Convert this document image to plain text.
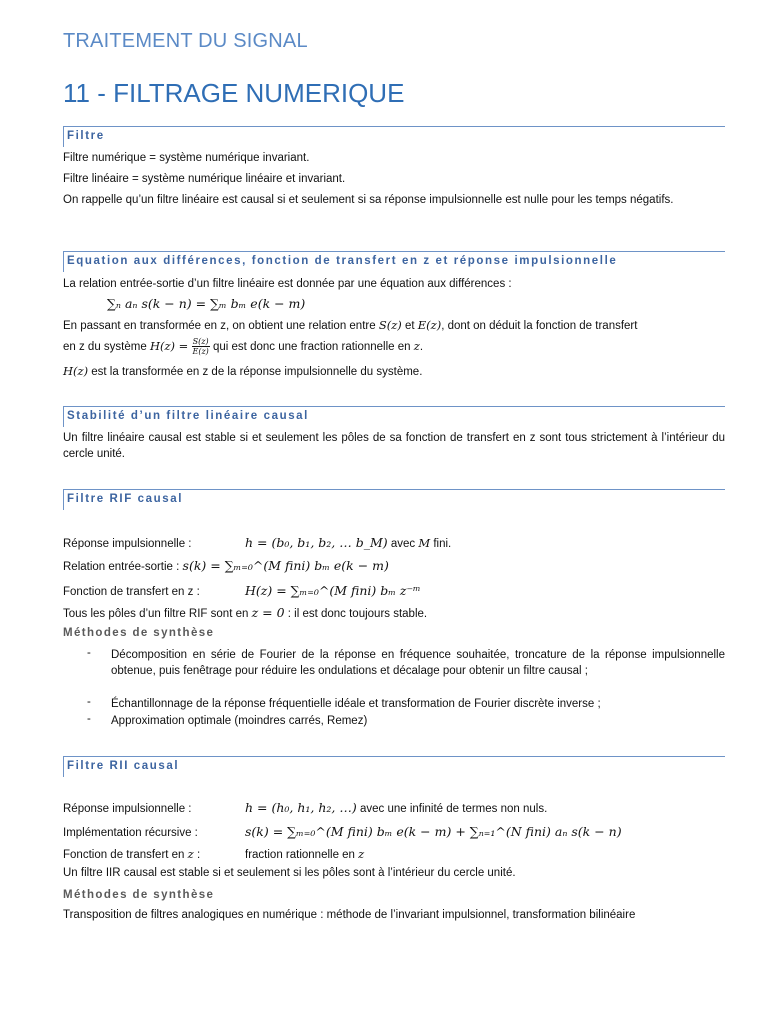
TRAITEMENT DU SIGNAL
11 - FILTRAGE NUMERIQUE
Filtre

Filtre numérique = système numérique invariant.

Filtre linéaire = système numérique linéaire et invariant.

On rappelle qu’un filtre linéaire est causal si et seulement si sa réponse impulsionnelle est nulle pour les temps négatifs.

Equation aux différences, fonction de transfert en z et réponse impulsionnelle

La relation entrée-sortie d’un filtre linéaire est donnée par une équation aux différences :

∑ₙ aₙ s(k − n) = ∑ₘ bₘ e(k − m)

En passant en transformée en z, on obtient une relation entre S(z) et E(z), dont on déduit la fonction de transfert

en z du système $H(z) = \frac{S(z)}{E(z)}$ qui est donc une fraction rationnelle en z.

H(z) est la transformée en z de la réponse impulsionnelle du système.

Stabilité d’un filtre linéaire causal

Un filtre linéaire causal est stable si et seulement les pôles de sa fonction de transfert en z sont tous strictement à l’intérieur du cercle unité.

Filtre RIF causal
Réponse impulsionnelle :	h = (b₀, b₁, b₂, … b_M) avec M fini.
Relation entrée-sortie : s(k) = ∑ₘ₌₀^(M fini) bₘ e(k − m)
Fonction de transfert en z :	H(z) = ∑ₘ₌₀^(M fini) bₘ z⁻ᵐ
Tous les pôles d’un filtre RIF sont en z = 0 : il est donc toujours stable.
Méthodes de synthèse
- Décomposition en série de Fourier de la réponse en fréquence souhaitée, troncature de la réponse impulsionnelle obtenue, puis fenêtrage pour réduire les ondulations et décalage pour obtenir un filtre causal ;
- Échantillonnage de la réponse fréquentielle idéale et transformation de Fourier discrète inverse ;
- Approximation optimale (moindres carrés, Remez)
Filtre RII causal
Réponse impulsionnelle :	h = (h₀, h₁, h₂, …) avec une infinité de termes non nuls.
Implémentation récursive :	s(k) = ∑ₘ₌₀^(M fini) bₘ e(k − m) + ∑ₙ₌₁^(N fini) aₙ s(k − n)
Fonction de transfert en z :	fraction rationnelle en z
Un filtre IIR causal est stable si et seulement si les pôles sont à l’intérieur du cercle unité.
Méthodes de synthèse
Transposition de filtres analogiques en numérique : méthode de l’invariant impulsionnel, transformation bilinéaire
